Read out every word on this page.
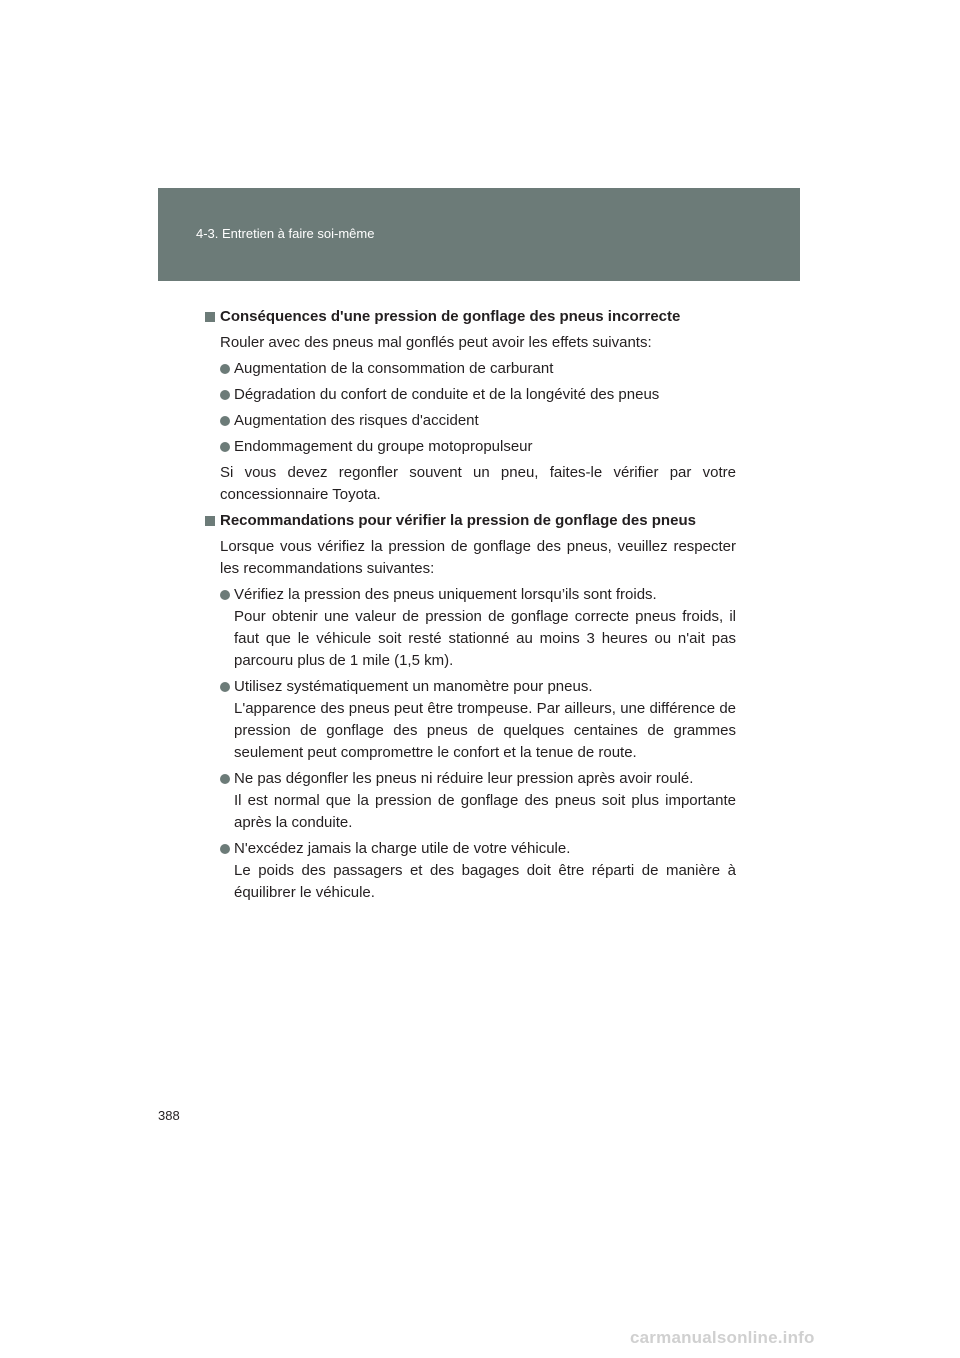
4-3. Entretien à faire soi-même
Conséquences d'une pression de gonflage des pneus incorrecte
Rouler avec des pneus mal gonflés peut avoir les effets suivants:
Augmentation de la consommation de carburant
Dégradation du confort de conduite et de la longévité des pneus
Augmentation des risques d'accident
Endommagement du groupe motopropulseur
Si vous devez regonfler souvent un pneu, faites-le vérifier par votre concessionnaire Toyota.
Recommandations pour vérifier la pression de gonflage des pneus
Lorsque vous vérifiez la pression de gonflage des pneus, veuillez respecter les recommandations suivantes:
Vérifiez la pression des pneus uniquement lorsqu’ils sont froids.
Pour obtenir une valeur de pression de gonflage correcte pneus froids, il faut que le véhicule soit resté stationné au moins 3 heures ou n'ait pas parcouru plus de 1 mile (1,5 km).
Utilisez systématiquement un manomètre pour pneus.
L'apparence des pneus peut être trompeuse. Par ailleurs, une différence de pression de gonflage des pneus de quelques centaines de grammes seulement peut compromettre le confort et la tenue de route.
Ne pas dégonfler les pneus ni réduire leur pression après avoir roulé.
Il est normal que la pression de gonflage des pneus soit plus importante après la conduite.
N'excédez jamais la charge utile de votre véhicule.
Le poids des passagers et des bagages doit être réparti de manière à équilibrer le véhicule.
388
carmanualsonline.info
